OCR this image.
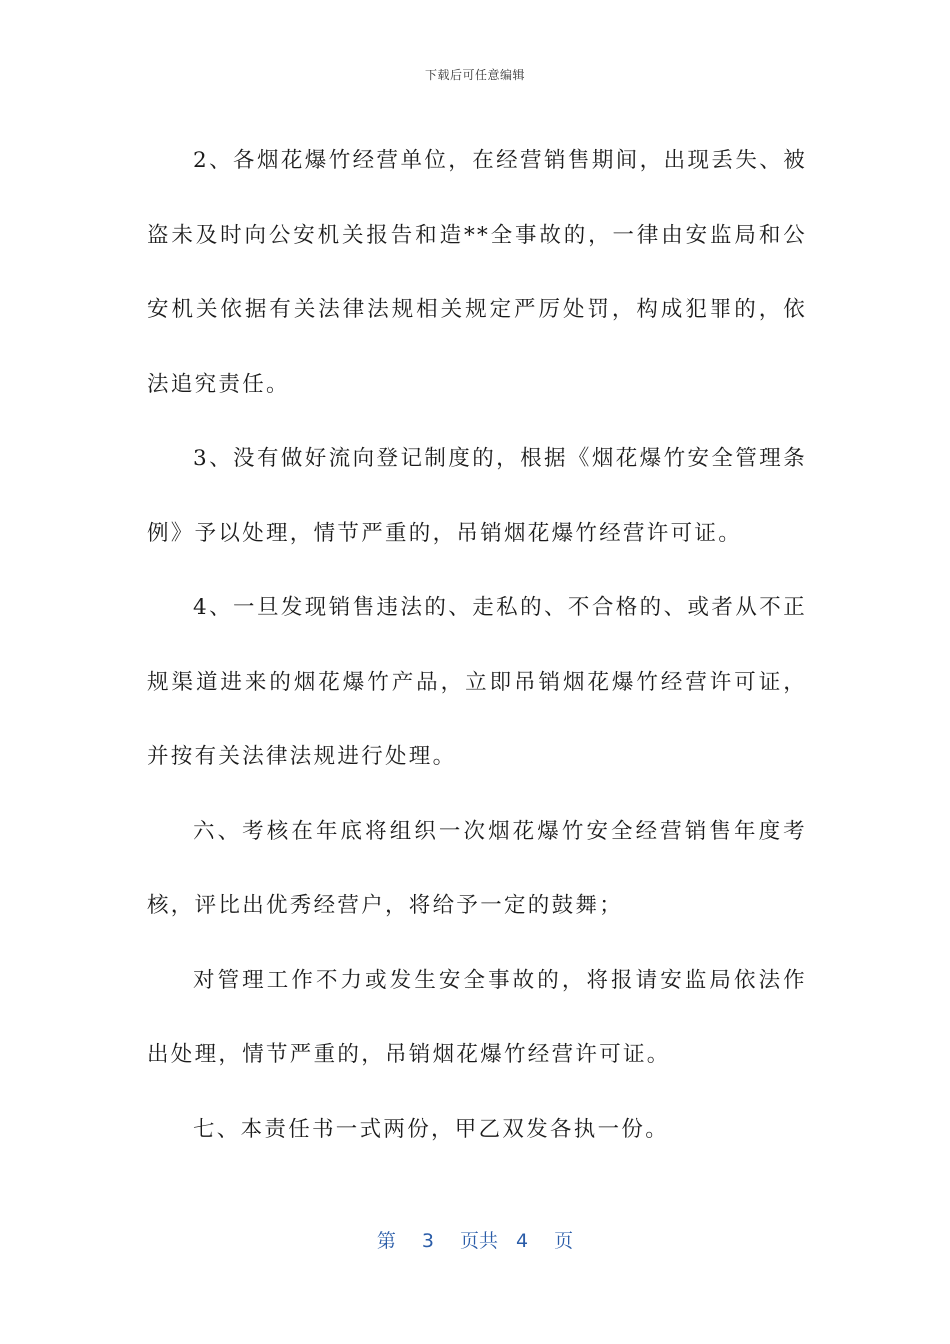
下载后可任意编辑

2、各烟花爆竹经营单位，在经营销售期间，出现丢失、被盗未及时向公安机关报告和造**全事故的，一律由安监局和公安机关依据有关法律法规相关规定严厉处罚，构成犯罪的，依法追究责任。

3、没有做好流向登记制度的，根据《烟花爆竹安全管理条例》予以处理，情节严重的，吊销烟花爆竹经营许可证。

4、一旦发现销售违法的、走私的、不合格的、或者从不正规渠道进来的烟花爆竹产品，立即吊销烟花爆竹经营许可证，并按有关法律法规进行处理。

六、考核在年底将组织一次烟花爆竹安全经营销售年度考核，评比出优秀经营户，将给予一定的鼓舞；

对管理工作不力或发生安全事故的，将报请安监局依法作出处理，情节严重的，吊销烟花爆竹经营许可证。

七、本责任书一式两份，甲乙双发各执一份。

第 3 页共 4 页
